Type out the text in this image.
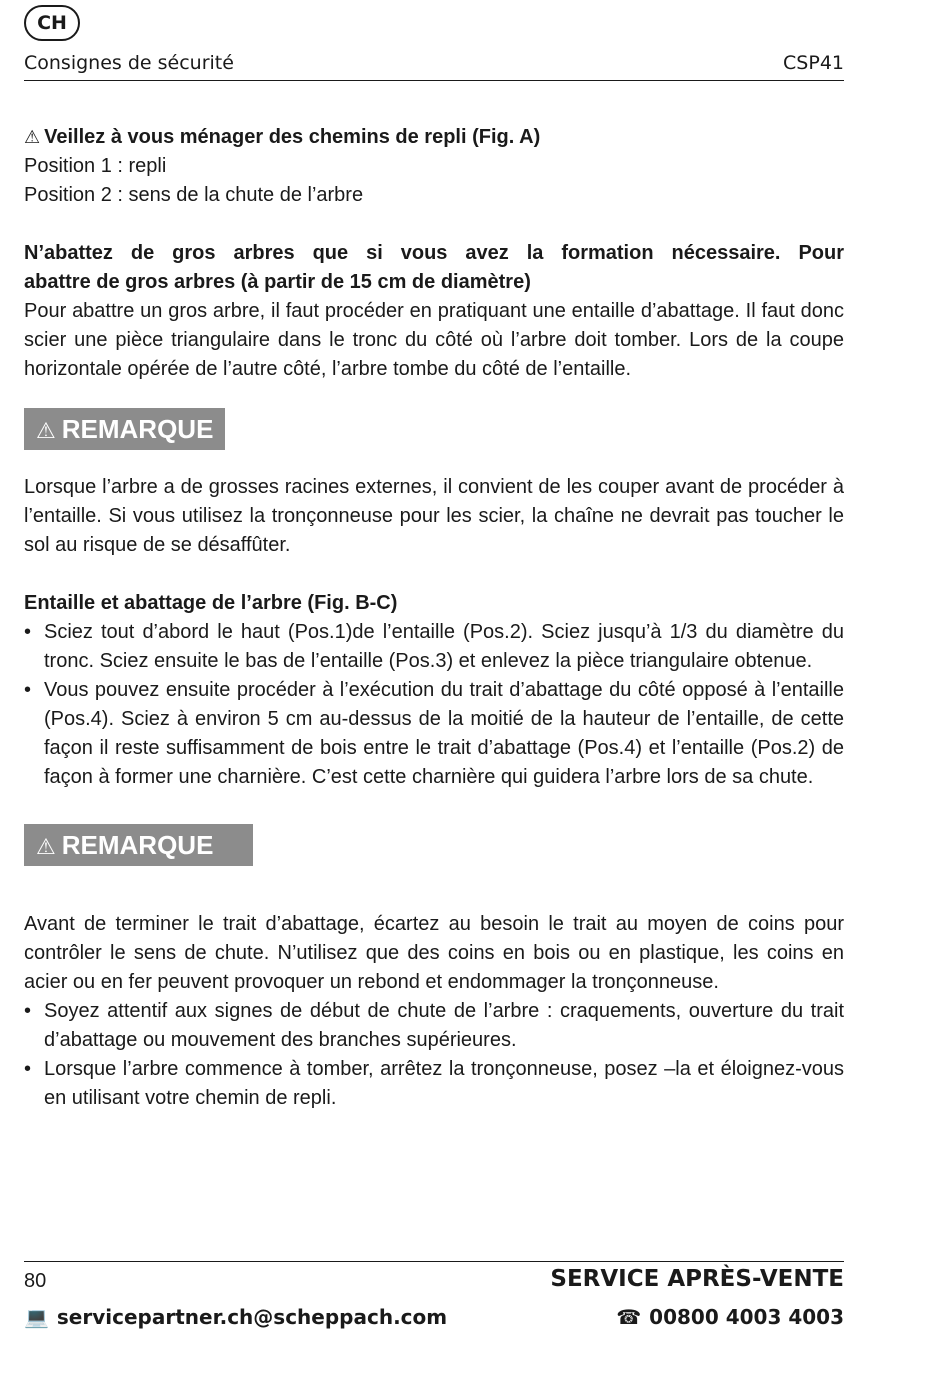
CH
Consignes de sécurité	CSP41

⚠ Veillez à vous ménager des chemins de repli (Fig. A)

Position 1 : repli

Position 2 : sens de la chute de l’arbre

N’abattez de gros arbres que si vous avez la formation nécessaire. Pour

abattre de gros arbres (à partir de 15 cm de diamètre)

Pour abattre un gros arbre, il faut procéder en pratiquant une entaille d’abattage. Il faut donc scier une pièce triangulaire dans le tronc du côté où l’arbre doit tomber. Lors de la coupe horizontale opérée de l’autre côté, l’arbre tombe du côté de l’entaille.

⚠ REMARQUE

Lorsque l’arbre a de grosses racines externes, il convient de les couper avant de procéder à l’entaille. Si vous utilisez la tronçonneuse pour les scier, la chaîne ne devrait pas toucher le sol au risque de se désaffûter.

Entaille et abattage de l’arbre (Fig. B-C)

• Sciez tout d’abord le haut (Pos.1)de l’entaille (Pos.2). Sciez jusqu’à 1/3 du diamètre du tronc. Sciez ensuite le bas de l’entaille (Pos.3) et enlevez la pièce triangulaire obtenue.
• Vous pouvez ensuite procéder à l’exécution du trait d’abattage du côté opposé à l’entaille (Pos.4). Sciez à environ 5 cm au-dessus de la moitié de la hauteur de l’entaille, de cette façon il reste suffisamment de bois entre le trait d’abattage (Pos.4) et l’entaille (Pos.2) de façon à former une charnière. C’est cette charnière qui guidera l’arbre lors de sa chute.
⚠ REMARQUE

Avant de terminer le trait d’abattage, écartez au besoin le trait au moyen de coins pour contrôler le sens de chute. N’utilisez que des coins en bois ou en plastique, les coins en acier ou en fer peuvent provoquer un rebond et endommager la tronçonneuse.

• Soyez attentif aux signes de début de chute de l’arbre : craquements, ouverture du trait d’abattage ou mouvement des branches supérieures.
• Lorsque l’arbre commence à tomber, arrêtez la tronçonneuse, posez –la et éloignez-vous en utilisant votre chemin de repli.
80	SERVICE APRÈS-VENTE
💻 servicepartner.ch@scheppach.com	☎ 00800 4003 4003
